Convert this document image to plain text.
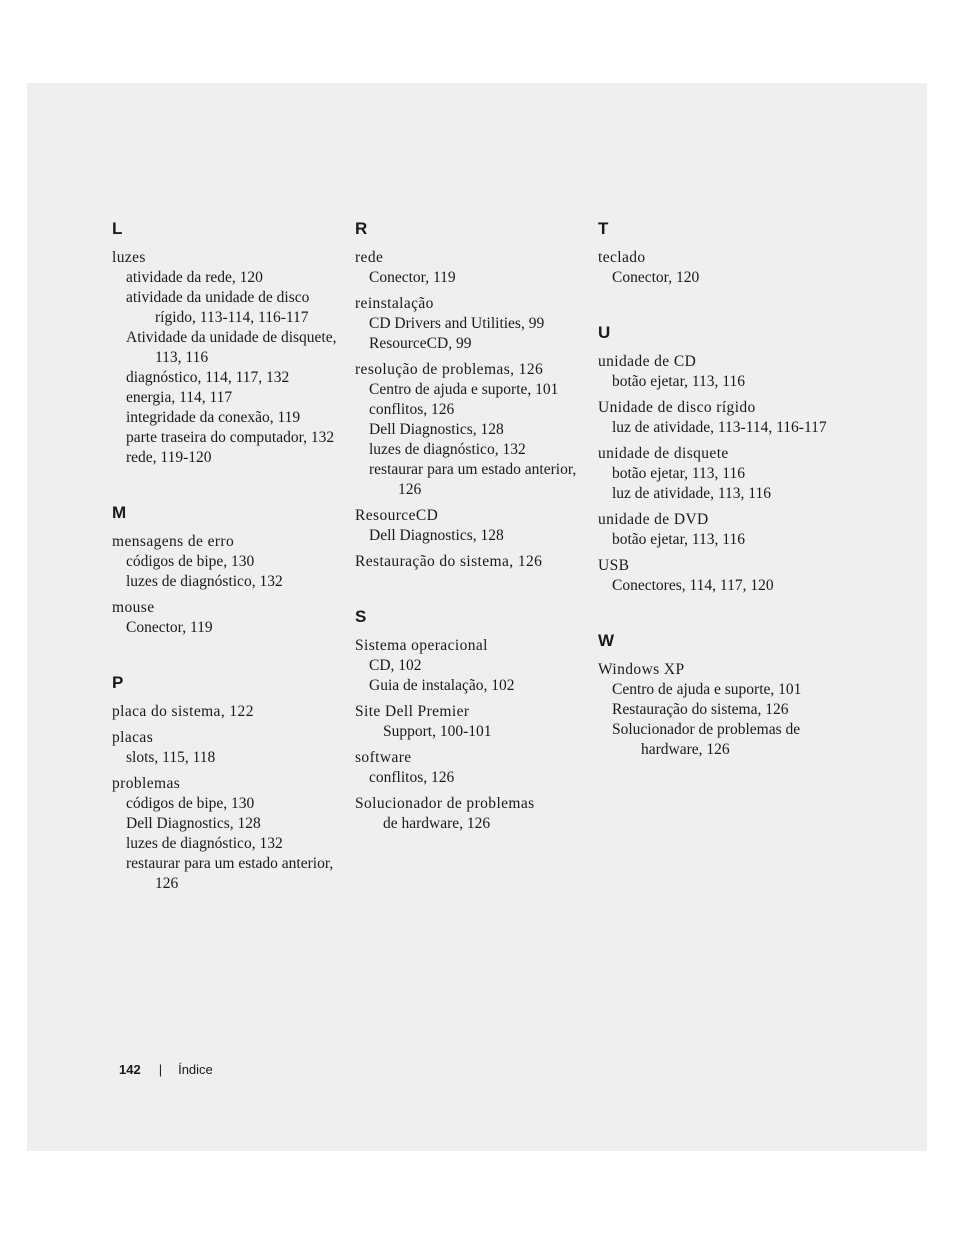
L
luzes
atividade da rede, 120
atividade da unidade de disco rígido, 113-114, 116-117
Atividade da unidade de disquete, 113, 116
diagnóstico, 114, 117, 132
energia, 114, 117
integridade da conexão, 119
parte traseira do computador, 132
rede, 119-120
M
mensagens de erro
códigos de bipe, 130
luzes de diagnóstico, 132
mouse
Conector, 119
P
placa do sistema, 122
placas
slots, 115, 118
problemas
códigos de bipe, 130
Dell Diagnostics, 128
luzes de diagnóstico, 132
restaurar para um estado anterior, 126
R
rede
Conector, 119
reinstalação
CD Drivers and Utilities, 99
ResourceCD, 99
resolução de problemas, 126
Centro de ajuda e suporte, 101
conflitos, 126
Dell Diagnostics, 128
luzes de diagnóstico, 132
restaurar para um estado anterior, 126
ResourceCD
Dell Diagnostics, 128
Restauração do sistema, 126
S
Sistema operacional
CD, 102
Guia de instalação, 102
Site Dell Premier
Support, 100-101
software
conflitos, 126
Solucionador de problemas
de hardware, 126
T
teclado
Conector, 120
U
unidade de CD
botão ejetar, 113, 116
Unidade de disco rígido
luz de atividade, 113-114, 116-117
unidade de disquete
botão ejetar, 113, 116
luz de atividade, 113, 116
unidade de DVD
botão ejetar, 113, 116
USB
Conectores, 114, 117, 120
W
Windows XP
Centro de ajuda e suporte, 101
Restauração do sistema, 126
Solucionador de problemas de hardware, 126
142 | Índice
